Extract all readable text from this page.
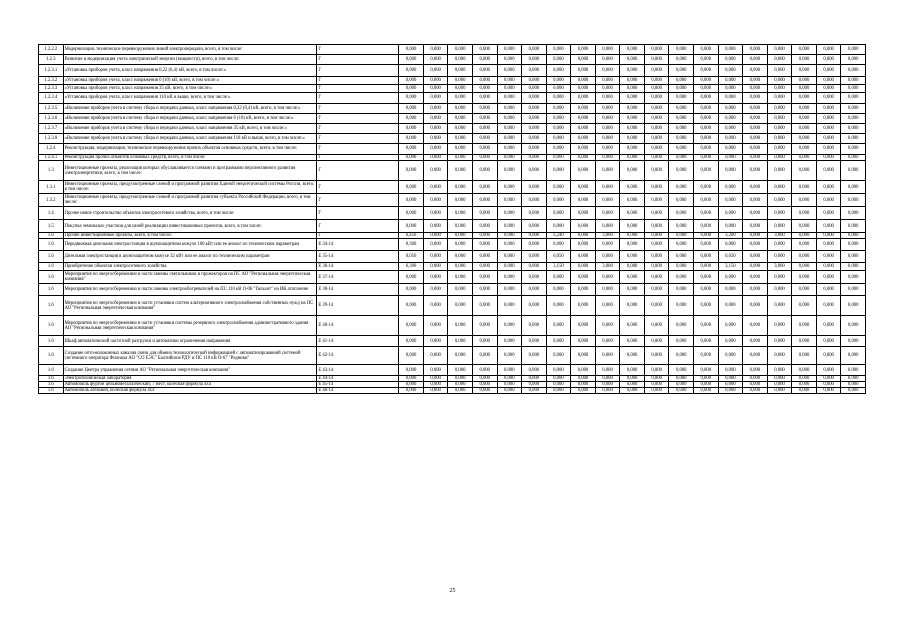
1.2.2.2	Модернизация, техническое перевооружение линий электропередачи, всего, в том числе:	Г	0,000	0,000	0,000	0,000	0,000	0,000	0,000	0,000	0,000	0,000	0,000	0,000	0,000	0,000	0,000	0,000	0,000	0,000	0,000
1.2.3	Развитие и модернизация учета электрической энергии (мощности), всего, в том числе:	Г	0,000	0,000	0,000	0,000	0,000	0,000	0,000	0,000	0,000	0,000	0,000	0,000	0,000	0,000	0,000	0,000	0,000	0,000	0,000
1.2.3.1	«Установка приборов учета, класс напряжения 0,22 (0,4) кВ, всего, в том числе:»	Г	0,000	0,000	0,000	0,000	0,000	0,000	0,000	0,000	0,000	0,000	0,000	0,000	0,000	0,000	0,000	0,000	0,000	0,000	0,000
1.2.3.2	«Установка приборов учета, класс напряжения 6 (10) кВ, всего, в том числе:»	Г	0,000	0,000	0,000	0,000	0,000	0,000	0,000	0,000	0,000	0,000	0,000	0,000	0,000	0,000	0,000	0,000	0,000	0,000	0,000
1.2.3.3	«Установка приборов учета, класс напряжения 35 кВ, всего, в том числе:»	Г	0,000	0,000	0,000	0,000	0,000	0,000	0,000	0,000	0,000	0,000	0,000	0,000	0,000	0,000	0,000	0,000	0,000	0,000	0,000
1.2.3.4	«Установка приборов учета, класс напряжения 110 кВ и выше, всего, в том числе:»	Г	0,000	0,000	0,000	0,000	0,000	0,000	0,000	0,000	0,000	0,000	0,000	0,000	0,000	0,000	0,000	0,000	0,000	0,000	0,000
1.2.3.5	«Включение приборов учета в систему сбора и передачи данных, класс напряжения 0,22 (0,4) кВ, всего, в том числе:»	Г	0,000	0,000	0,000	0,000	0,000	0,000	0,000	0,000	0,000	0,000	0,000	0,000	0,000	0,000	0,000	0,000	0,000	0,000	0,000
1.2.3.6	«Включение приборов учета в систему сбора и передачи данных, класс напряжения 6 (10) кВ, всего, в том числе:»	Г	0,000	0,000	0,000	0,000	0,000	0,000	0,000	0,000	0,000	0,000	0,000	0,000	0,000	0,000	0,000	0,000	0,000	0,000	0,000
1.2.3.7	«Включение приборов учета в систему сбора и передачи данных, класс напряжения 35 кВ, всего, в том числе:»	Г	0,000	0,000	0,000	0,000	0,000	0,000	0,000	0,000	0,000	0,000	0,000	0,000	0,000	0,000	0,000	0,000	0,000	0,000	0,000
1.2.3.8	«Включение приборов учета в систему сбора и передачи данных, класс напряжения 110 кВ и выше, всего, в том числе:»	Г	0,000	0,000	0,000	0,000	0,000	0,000	0,000	0,000	0,000	0,000	0,000	0,000	0,000	0,000	0,000	0,000	0,000	0,000	0,000
1.2.4	Реконструкция, модернизация, техническое перевооружение прочих объектов основных средств, всего, в том числе:	Г	0,000	0,000	0,000	0,000	0,000	0,000	0,000	0,000	0,000	0,000	0,000	0,000	0,000	0,000	0,000	0,000	0,000	0,000	0,000
1.2.4.1	Реконструкция прочих объектов основных средств, всего, в том числе:	Г	0,000	0,000	0,000	0,000	0,000	0,000	0,000	0,000	0,000	0,000	0,000	0,000	0,000	0,000	0,000	0,000	0,000	0,000	0,000
1.3	Инвестиционные проекты, реализация которых обуславливается схемами и программами перспективного развития электроэнергетики, всего, в том числе:	Г	0,000	0,000	0,000	0,000	0,000	0,000	0,000	0,000	0,000	0,000	0,000	0,000	0,000	0,000	0,000	0,000	0,000	0,000	0,000
1.3.1	Инвестиционные проекты, предусмотренные схемой и программой развития Единой энергетической системы России, всего, в том числе:	Г	0,000	0,000	0,000	0,000	0,000	0,000	0,000	0,000	0,000	0,000	0,000	0,000	0,000	0,000	0,000	0,000	0,000	0,000	0,000
1.3.2	Инвестиционные проекты, предусмотренные схемой и программой развития субъекта Российской Федерации, всего, в том числе:	Г	0,000	0,000	0,000	0,000	0,000	0,000	0,000	0,000	0,000	0,000	0,000	0,000	0,000	0,000	0,000	0,000	0,000	0,000	0,000
1.4	Прочее новое строительство объектов электросетевого хозяйства, всего, в том числе:	Г	0,000	0,000	0,000	0,000	0,000	0,000	0,000	0,000	0,000	0,000	0,000	0,000	0,000	0,000	0,000	0,000	0,000	0,000	0,000
1.5	Покупка земельных участков для целей реализации инвестиционных проектов, всего, в том числе:	Г	0,000	0,000	0,000	0,000	0,000	0,000	0,000	0,000	0,000	0,000	0,000	0,000	0,000	0,000	0,000	0,000	0,000	0,000	0,000
1.6	Прочие инвестиционные проекты, всего, в том числе:	Г	6,450	0,000	0,000	0,000	0,000	0,000	3,240	0,000	3,000	0,000	0,000	0,000	0,000	3,200	0,000	3,000	0,000	0,000	0,000
1.6	Передвижная дизельная электростанция в шумозащитном кожухе 100 кВт или ее аналог по техническим параметрам	Е 34-14	0,300	0,000	0,000	0,000	0,000	0,000	0,000	0,000	0,000	0,000	0,000	0,000	0,000	0,000	0,000	0,000	0,000	0,000	0,000
1.6	Дизельная электростанция в шумозащитном кожухе 32 кВт или ее аналог по техническим параметрам	Е 35-14	0,050	0,000	0,000	0,000	0,000	0,000	0,050	0,000	0,000	0,000	0,000	0,000	0,000	0,050	0,000	0,000	0,000	0,000	0,000
1.6	Приобретение объектов электросетевого хозяйства	Е 36-14	6,300	0,000	0,000	0,000	0,000	0,000	3,150	0,000	3,000	0,000	0,000	0,000	0,000	3,150	0,000	3,000	0,000	0,000	0,000
1.6	Мероприятия по энергосбережению в части замены светильников и прожекторов на ПС АО "Региональная энергетическая компания"	Е 37-14	0,000	0,000	0,000	0,000	0,000	0,000	0,000	0,000	0,000	0,000	0,000	0,000	0,000	0,000	0,000	0,000	0,000	0,000	0,000
1.6	Мероприятия по энергосбережению в части замены электрообогревателей на ПС 110 кВ О-06 "Тяльзит" на ИК отопление	Е 38-14	0,000	0,000	0,000	0,000	0,000	0,000	0,000	0,000	0,000	0,000	0,000	0,000	0,000	0,000	0,000	0,000	0,000	0,000	0,000
1.6	Мероприятия по энергосбережению в части установки систем альтернативного электроснабжения собственных нужд на ПС АО "Региональная энергетическая компания"	Е 39-14	0,000	0,000	0,000	0,000	0,000	0,000	0,000	0,000	0,000	0,000	0,000	0,000	0,000	0,000	0,000	0,000	0,000	0,000	0,000
1.6	Мероприятия по энергосбережению в части установки системы резервного электроснабжения административного здания АО "Региональная энергетическая компания"	Е 40-14	0,000	0,000	0,000	0,000	0,000	0,000	0,000	0,000	0,000	0,000	0,000	0,000	0,000	0,000	0,000	0,000	0,000	0,000	0,000
1.6	Шкаф автоматической частотной разгрузки и автоматики ограничения напряжения	Е 41-14	0,000	0,000	0,000	0,000	0,000	0,000	0,000	0,000	0,000	0,000	0,000	0,000	0,000	0,000	0,000	0,000	0,000	0,000	0,000
1.6	Создание опто-волоконных каналов связи для обмена технологической информацией с автоматизированной системой системного оператора Филиала АО "СО ЕЭС" Балтийское РДУ и ПС 110 кВ О-67 "Родники"	Е 42-14	0,000	0,000	0,000	0,000	0,000	0,000	0,000	0,000	0,000	0,000	0,000	0,000	0,000	0,000	0,000	0,000	0,000	0,000	0,000
1.6	Создание Центра управления сетями АО "Региональная энергетическая компания"	Е 43-14	0,000	0,000	0,000	0,000	0,000	0,000	0,000	0,000	0,000	0,000	0,000	0,000	0,000	0,000	0,000	0,000	0,000	0,000	0,000
1.6	Электротехническая лаборатория	Е 44-14	0,000	0,000	0,000	0,000	0,000	0,000	0,000	0,000	0,000	0,000	0,000	0,000	0,000	0,000	0,000	0,000	0,000	0,000	0,000
1.6	Автомобиль фургон цельнометаллический, 7 мест, колёсная формула 4х4	Е 45-14	0,000	0,000	0,000	0,000	0,000	0,000	0,000	0,000	0,000	0,000	0,000	0,000	0,000	0,000	0,000	0,000	0,000	0,000	0,000
1.6	Автомобиль легковой, колёсная формула 4х4	Е 46-14	0,000	0,000	0,000	0,000	0,000	0,000	0,000	0,000	0,000	0,000	0,000	0,000	0,000	0,000	0,000	0,000	0,000	0,000	0,000
25
